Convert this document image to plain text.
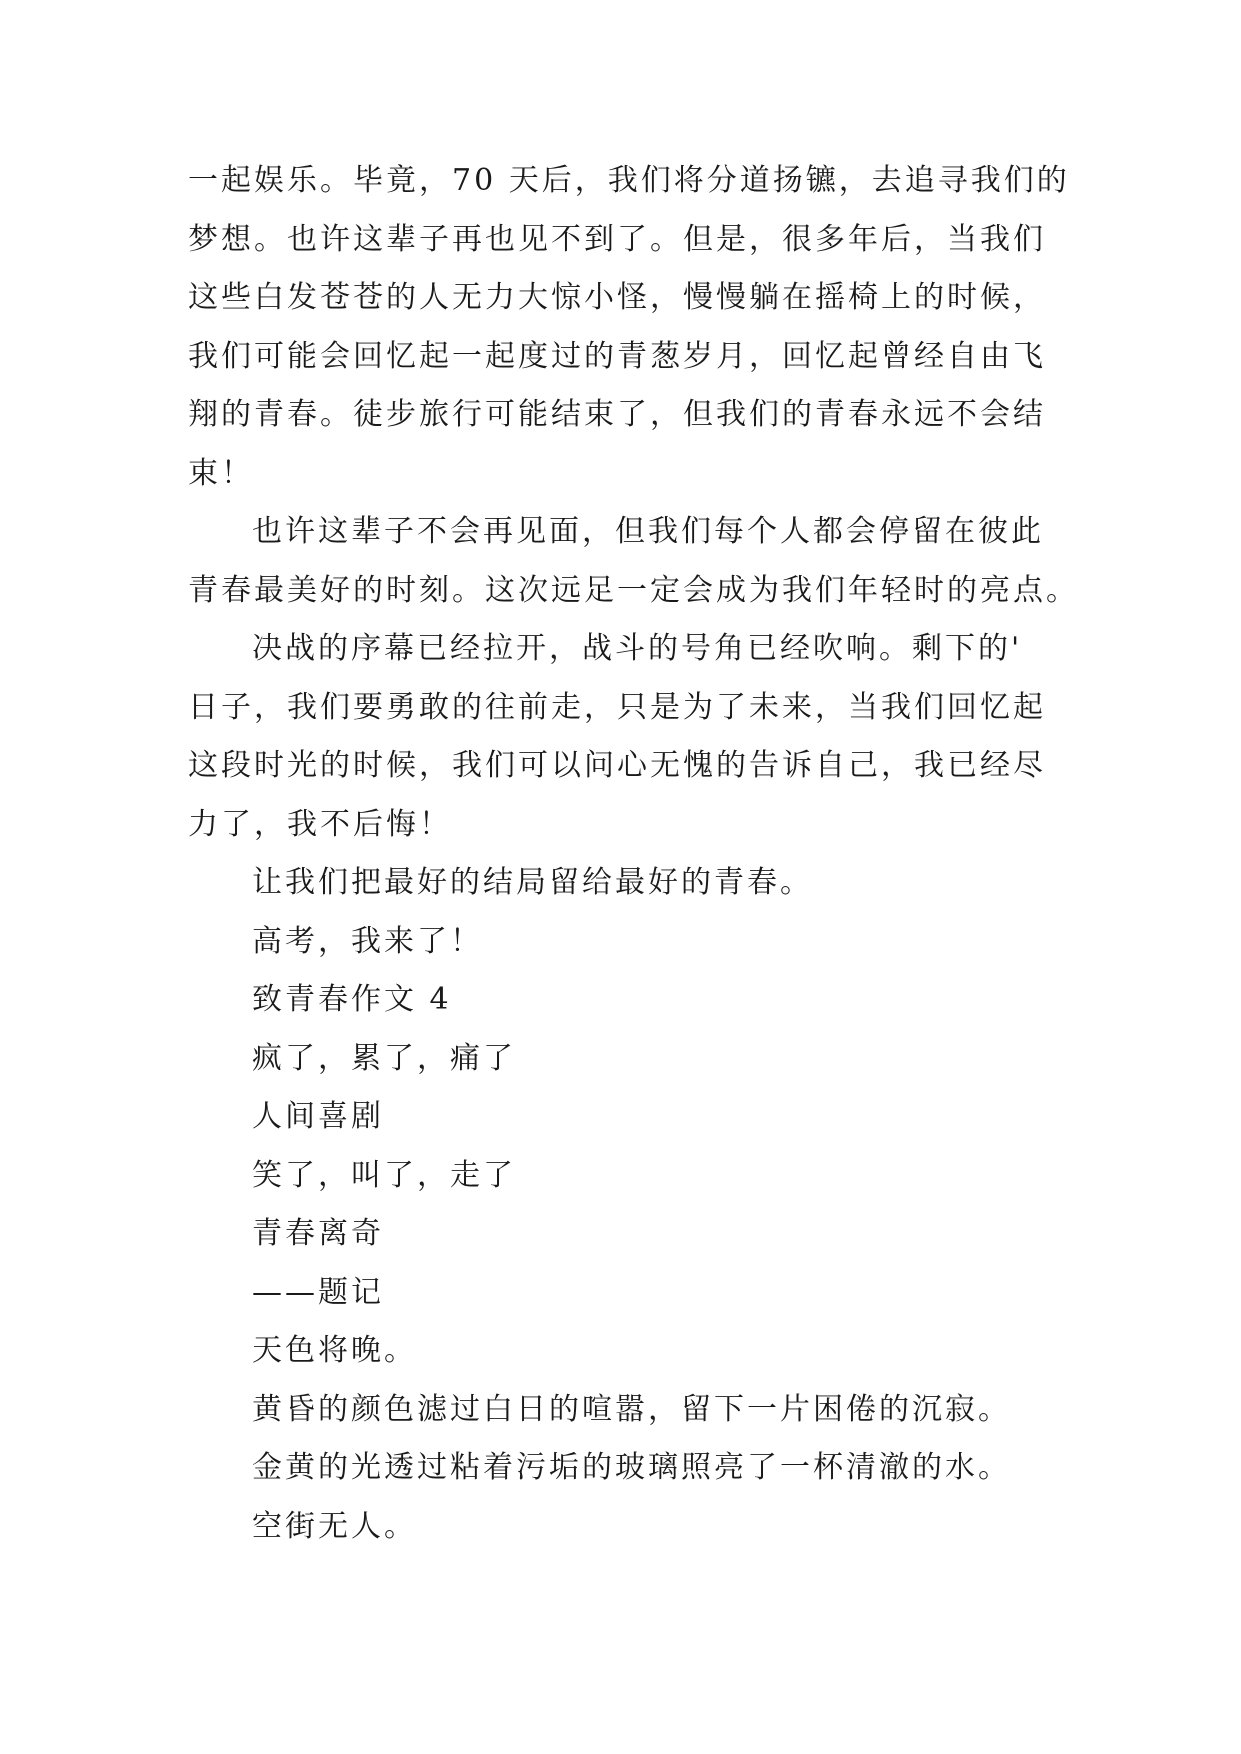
一起娱乐。毕竟，70 天后，我们将分道扬镳，去追寻我们的
梦想。也许这辈子再也见不到了。但是，很多年后，当我们
这些白发苍苍的人无力大惊小怪，慢慢躺在摇椅上的时候，
我们可能会回忆起一起度过的青葱岁月，回忆起曾经自由飞
翔的青春。徒步旅行可能结束了，但我们的青春永远不会结
束！
也许这辈子不会再见面，但我们每个人都会停留在彼此
青春最美好的时刻。这次远足一定会成为我们年轻时的亮点。
决战的序幕已经拉开，战斗的号角已经吹响。剩下的'
日子，我们要勇敢的往前走，只是为了未来，当我们回忆起
这段时光的时候，我们可以问心无愧的告诉自己，我已经尽
力了，我不后悔！
让我们把最好的结局留给最好的青春。
高考，我来了！
致青春作文 4
疯了，累了，痛了
人间喜剧
笑了，叫了，走了
青春离奇
——题记
天色将晚。
黄昏的颜色滤过白日的喧嚣，留下一片困倦的沉寂。
金黄的光透过粘着污垢的玻璃照亮了一杯清澈的水。
空街无人。
